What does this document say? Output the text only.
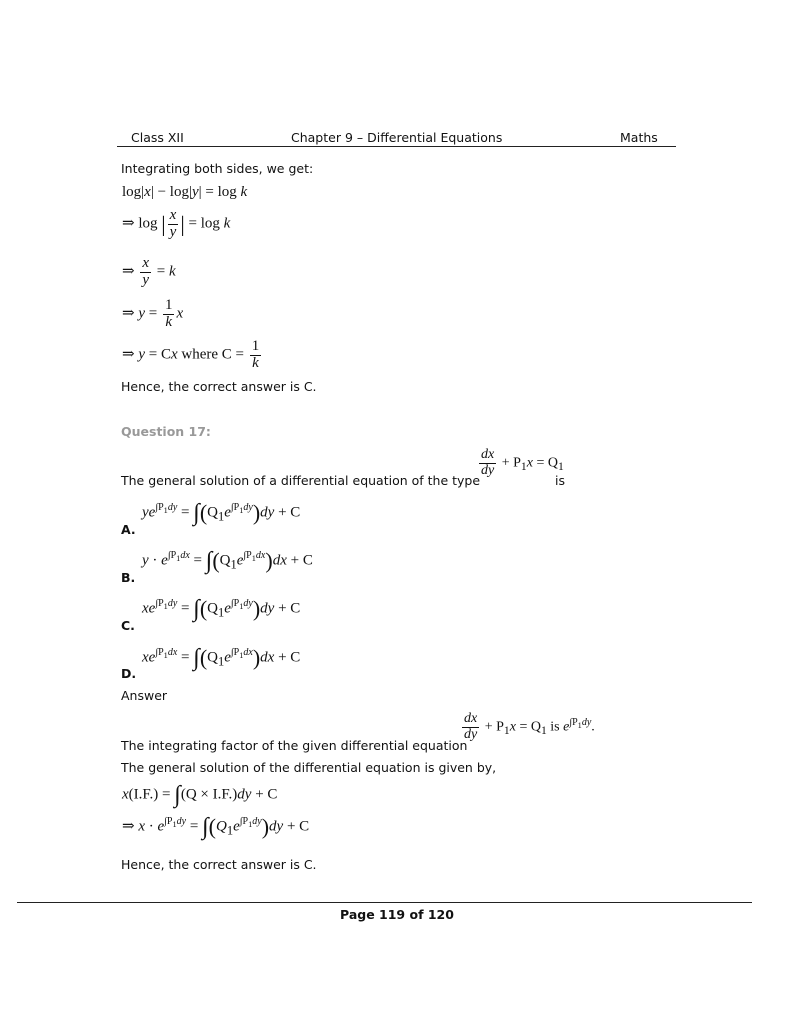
Class XII	Chapter 9 – Differential Equations	Maths
Integrating both sides, we get:
log|x| − log|y| = log k
⇒ log | $\frac{x}{y}$ | = log k
⇒ $\frac{x}{y} = k$
⇒ $y = \frac{1}{k}$ x
⇒ y = Cx where $C = \frac{1}{k}$
Hence, the correct answer is C.
Question 17:
$\frac{dx}{dy} + P_1x = Q_1$
The general solution of a differential equation of the type	is
$ye^{\int P_1dy} = \int(Q_1e^{\int P_1dy})dy + C$
A.
$y \cdot e^{\int P_1dx} = \int(Q_1e^{\int P_1dx})dx + C$
B.
$xe^{\int P_1dy} = \int(Q_1e^{\int P_1dy})dy + C$
C.
$xe^{\int P_1dx} = \int(Q_1e^{\int P_1dx})dx + C$
D.
Answer
$\frac{dx}{dy} + P_1x = Q_1$ is $e^{\int P_1dy}$.
The integrating factor of the given differential equation
The general solution of the differential equation is given by,
x(I.F.) = ∫(Q × I.F.)dy + C
⇒ $x \cdot e^{\int P_1dy} = \int(Q_1e^{\int P_1dy})dy + C$
Hence, the correct answer is C.
Page 119 of 120
